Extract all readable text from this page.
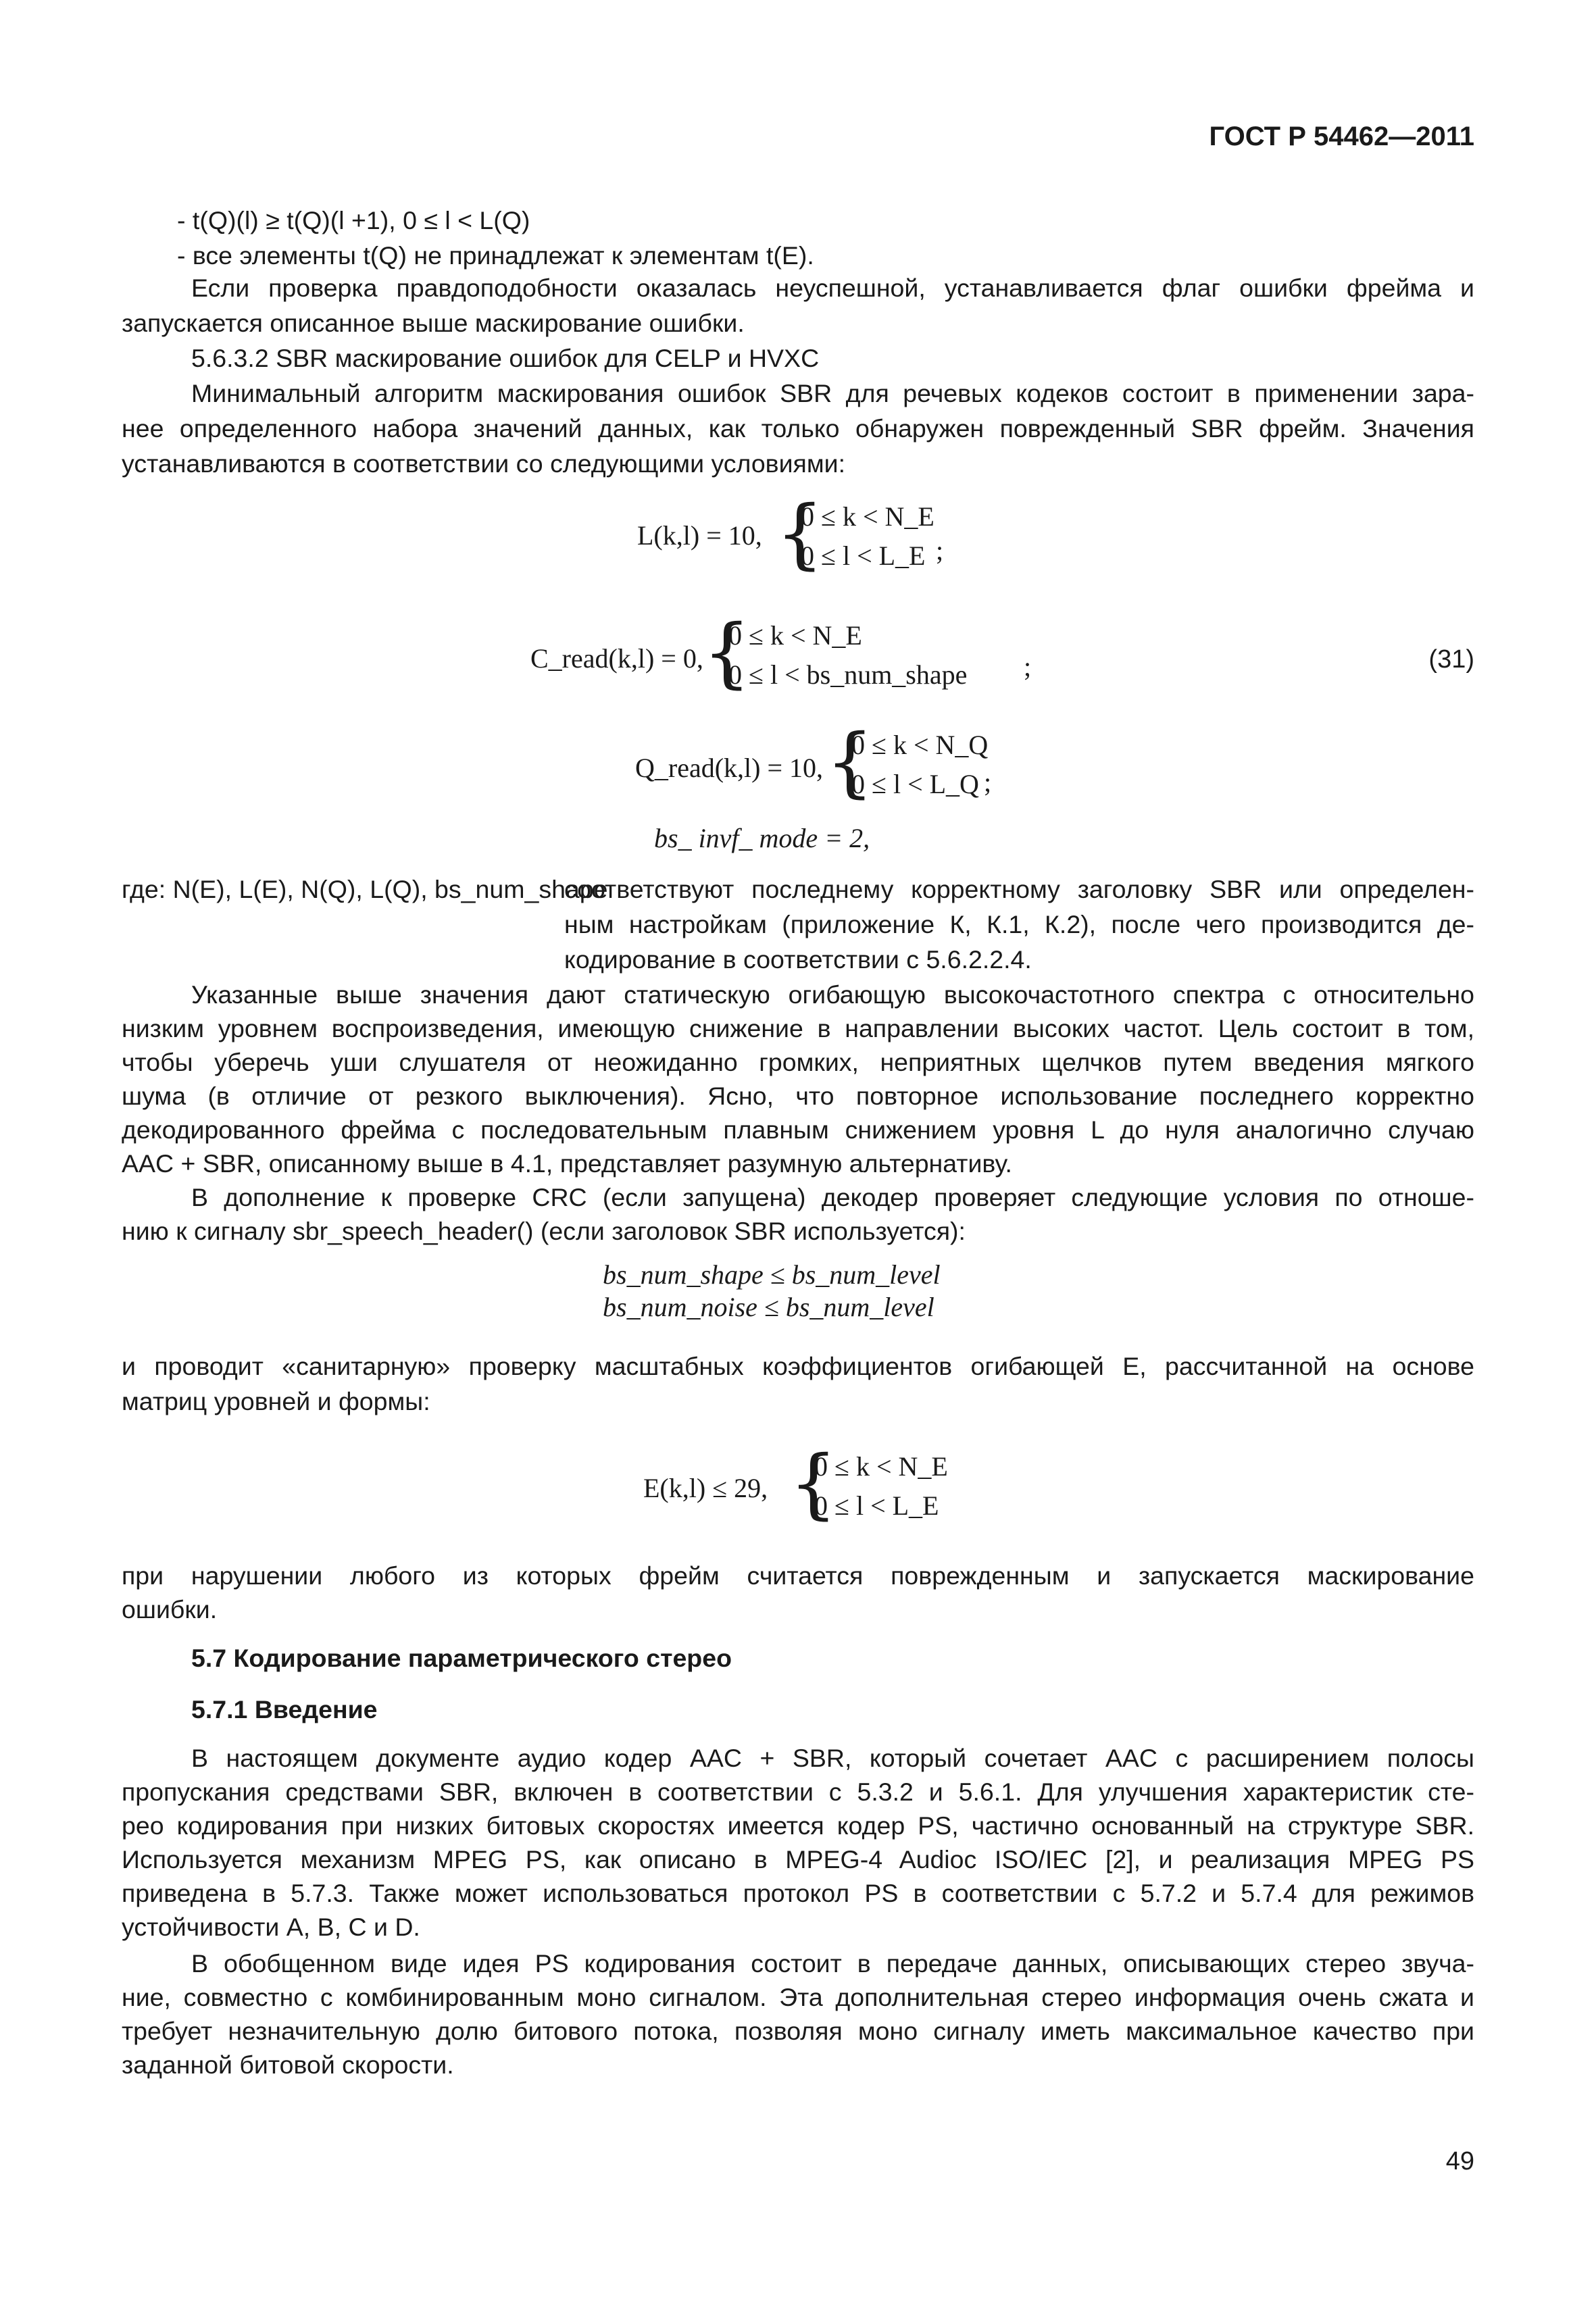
ГОСТ Р 54462—2011
- t(Q)(l) ≥ t(Q)(l +1), 0 ≤ l < L(Q)
- все элементы t(Q) не принадлежат к элементам t(E).
Если проверка правдоподобности оказалась неуспешной, устанавливается флаг ошибки фрейма и
запускается описанное выше маскирование ошибки.
5.6.3.2 SBR маскирование ошибок для CELP и HVXC
Минимальный алгоритм маскирования ошибок SBR для речевых кодеков состоит в применении зара-
нее определенного набора значений данных, как только обнаружен поврежденный SBR фрейм. Значения
устанавливаются в соответствии со следующими условиями:
L(k,l) = 10, {
0 ≤ k < N_E
0 ≤ l < L_E ;
C_read(k,l) = 0, {
0 ≤ k < N_E
0 ≤ l < bs_num_shape ;	(31)
Q_read(k,l) = 10, {
0 ≤ k < N_Q
0 ≤ l < L_Q ;
bs_ invf_ mode = 2,
где: N(E), L(E), N(Q), L(Q), bs_num_shape
соответствуют последнему корректному заголовку SBR или определен-
ным настройкам (приложение К, К.1, К.2), после чего производится де-
кодирование в соответствии с 5.6.2.2.4.
Указанные выше значения дают статическую огибающую высокочастотного спектра с относительно
низким уровнем воспроизведения, имеющую снижение в направлении высоких частот. Цель состоит в том,
чтобы уберечь уши слушателя от неожиданно громких, неприятных щелчков путем введения мягкого
шума (в отличие от резкого выключения). Ясно, что повторное использование последнего корректно
декодированного фрейма с последовательным плавным снижением уровня L до нуля аналогично случаю
AAC + SBR, описанному выше в 4.1, представляет разумную альтернативу.
В дополнение к проверке CRC (если запущена) декодер проверяет следующие условия по отноше-
нию к сигналу sbr_speech_header() (если заголовок SBR используется):
bs_num_shape ≤ bs_num_level
bs_num_noise ≤ bs_num_level
и проводит «санитарную» проверку масштабных коэффициентов огибающей E, рассчитанной на основе
матриц уровней и формы:
E(k,l) ≤ 29, {
0 ≤ k < N_E
0 ≤ l < L_E
при нарушении любого из которых фрейм считается поврежденным и запускается маскирование
ошибки.
5.7 Кодирование параметрического стерео
5.7.1 Введение
В настоящем документе аудио кодер AAC + SBR, который сочетает AAC с расширением полосы
пропускания средствами SBR, включен в соответствии с 5.3.2 и 5.6.1. Для улучшения характеристик сте-
рео кодирования при низких битовых скоростях имеется кодер PS, частично основанный на структуре SBR.
Используется механизм MPEG PS, как описано в MPEG-4 Audioc ISO/IEC [2], и реализация MPEG PS
приведена в 5.7.3. Также может использоваться протокол PS в соответствии с 5.7.2 и 5.7.4 для режимов
устойчивости A, B, C и D.
В обобщенном виде идея PS кодирования состоит в передаче данных, описывающих стерео звуча-
ние, совместно с комбинированным моно сигналом. Эта дополнительная стерео информация очень сжата и
требует незначительную долю битового потока, позволяя моно сигналу иметь максимальное качество при
заданной битовой скорости.
49
